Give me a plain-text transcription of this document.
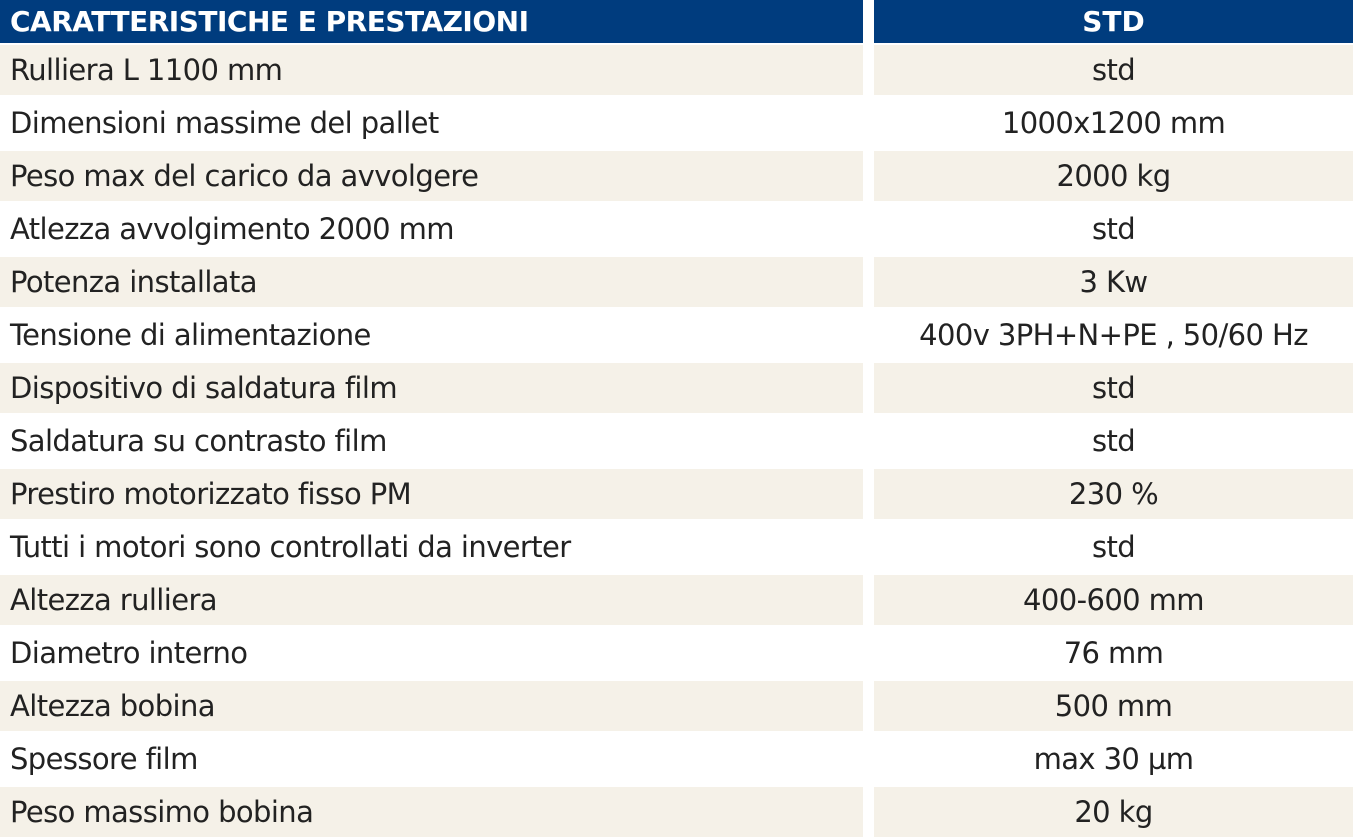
CARATTERISTICHE E PRESTAZIONI	STD
Rulliera L 1100 mm	std
Dimensioni massime del pallet	1000x1200 mm
Peso max del carico da avvolgere	2000 kg
Atlezza avvolgimento 2000 mm	std
Potenza installata	3 Kw
Tensione di alimentazione	400v 3PH+N+PE , 50/60 Hz
Dispositivo di saldatura film	std
Saldatura su contrasto film	std
Prestiro motorizzato fisso PM	230 %
Tutti i motori sono controllati da inverter	std
Altezza rulliera	400-600 mm
Diametro interno	76 mm
Altezza bobina	500 mm
Spessore film	max 30 µm
Peso massimo bobina	20 kg
